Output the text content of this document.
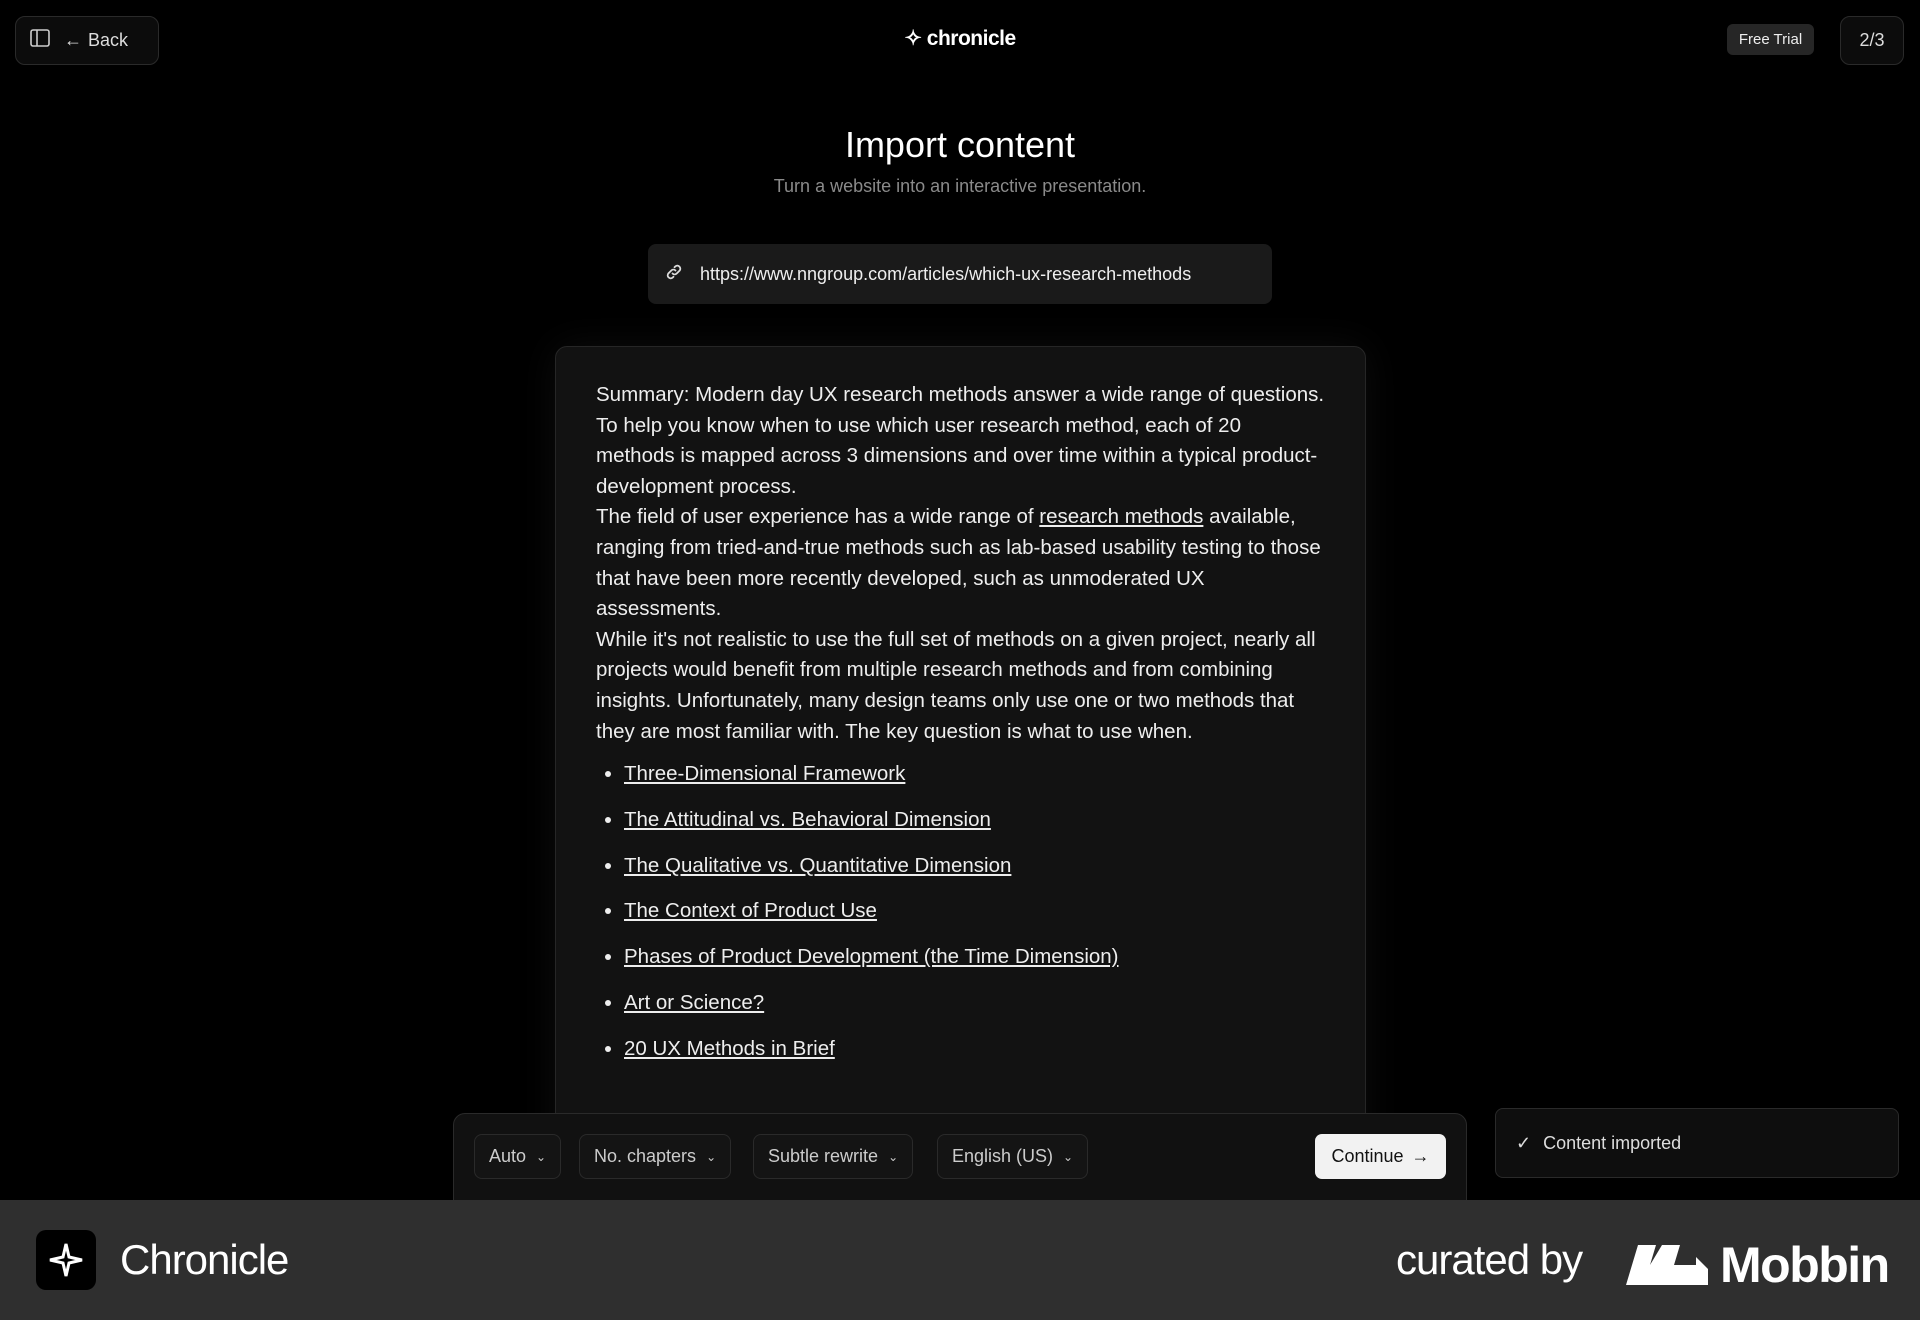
← Back	✧ chronicle	Free Trial	2/3
Import content
Turn a website into an interactive presentation.
https://www.nngroup.com/articles/which-ux-research-methods

Summary: Modern day UX research methods answer a wide range of questions. To help you know when to use which user research method, each of 20 methods is mapped across 3 dimensions and over time within a typical product-development process.

The field of user experience has a wide range of research methods available, ranging from tried-and-true methods such as lab-based usability testing to those that have been more recently developed, such as unmoderated UX assessments.

While it's not realistic to use the full set of methods on a given project, nearly all projects would benefit from multiple research methods and from combining insights. Unfortunately, many design teams only use one or two methods that they are most familiar with. The key question is what to use when.

• Three-Dimensional Framework
• The Attitudinal vs. Behavioral Dimension
• The Qualitative vs. Quantitative Dimension
• The Context of Product Use
• Phases of Product Development (the Time Dimension)
• Art or Science?
• 20 UX Methods in Brief
Auto ⌄	No. chapters ⌄	Subtle rewrite ⌄	English (US) ⌄	Continue →
✓ Content imported
Chronicle	curated by	Mobbin
